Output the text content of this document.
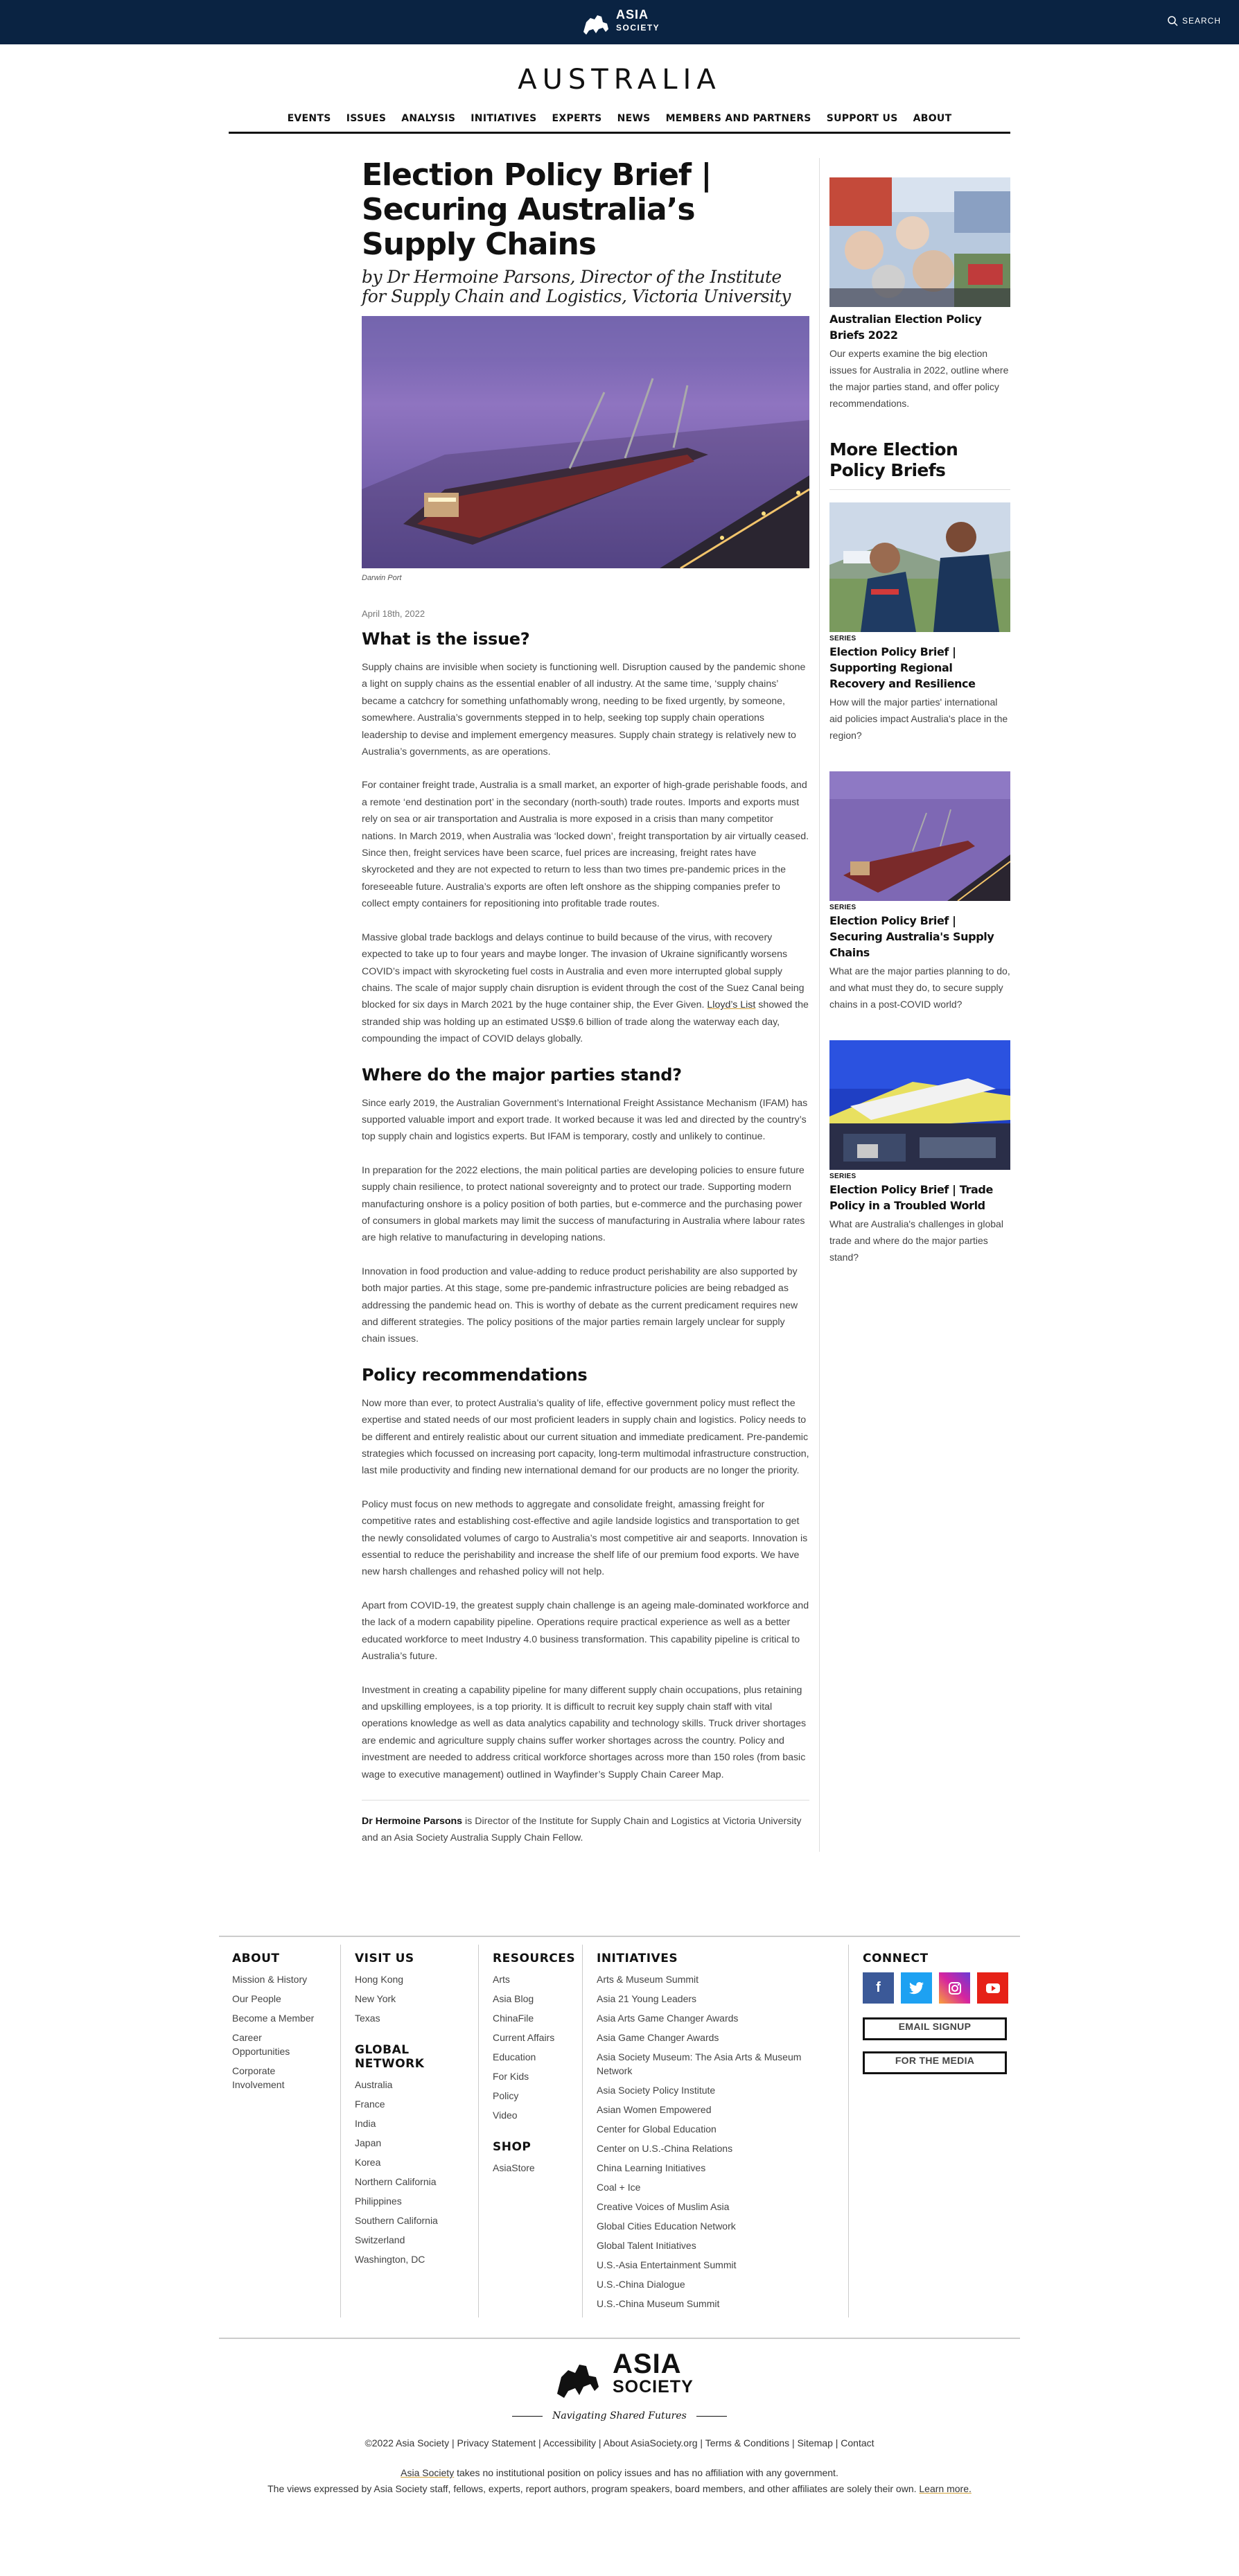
ASIA
SOCIETY
SEARCH
AUSTRALIA
EVENTS ISSUES ANALYSIS INITIATIVES EXPERTS NEWS MEMBERS AND PARTNERS SUPPORT US ABOUT
Election Policy Brief | Securing Australia’s Supply Chains
by Dr Hermoine Parsons, Director of the Institute for Supply Chain and Logistics, Victoria University
Darwin Port
April 18th, 2022
What is the issue?

Supply chains are invisible when society is functioning well. Disruption caused by the pandemic shone a light on supply chains as the essential enabler of all industry. At the same time, ‘supply chains’ became a catchcry for something unfathomably wrong, needing to be fixed urgently, by someone, somewhere. Australia’s governments stepped in to help, seeking top supply chain operations leadership to devise and implement emergency measures. Supply chain strategy is relatively new to Australia’s governments, as are operations.

For container freight trade, Australia is a small market, an exporter of high-grade perishable foods, and a remote ‘end destination port’ in the secondary (north-south) trade routes. Imports and exports must rely on sea or air transportation and Australia is more exposed in a crisis than many competitor nations. In March 2019, when Australia was ‘locked down’, freight transportation by air virtually ceased. Since then, freight services have been scarce, fuel prices are increasing, freight rates have skyrocketed and they are not expected to return to less than two times pre-pandemic prices in the foreseeable future. Australia’s exports are often left onshore as the shipping companies prefer to collect empty containers for repositioning into profitable trade routes.

Massive global trade backlogs and delays continue to build because of the virus, with recovery expected to take up to four years and maybe longer. The invasion of Ukraine significantly worsens COVID’s impact with skyrocketing fuel costs in Australia and even more interrupted global supply chains. The scale of major supply chain disruption is evident through the cost of the Suez Canal being blocked for six days in March 2021 by the huge container ship, the Ever Given. Lloyd’s List showed the stranded ship was holding up an estimated US$9.6 billion of trade along the waterway each day, compounding the impact of COVID delays globally.

Where do the major parties stand?

Since early 2019, the Australian Government’s International Freight Assistance Mechanism (IFAM) has supported valuable import and export trade. It worked because it was led and directed by the country’s top supply chain and logistics experts. But IFAM is temporary, costly and unlikely to continue.

In preparation for the 2022 elections, the main political parties are developing policies to ensure future supply chain resilience, to protect national sovereignty and to protect our trade. Supporting modern manufacturing onshore is a policy position of both parties, but e-commerce and the purchasing power of consumers in global markets may limit the success of manufacturing in Australia where labour rates are high relative to manufacturing in developing nations.

Innovation in food production and value-adding to reduce product perishability are also supported by both major parties. At this stage, some pre-pandemic infrastructure policies are being rebadged as addressing the pandemic head on. This is worthy of debate as the current predicament requires new and different strategies. The policy positions of the major parties remain largely unclear for supply chain issues.

Policy recommendations

Now more than ever, to protect Australia’s quality of life, effective government policy must reflect the expertise and stated needs of our most proficient leaders in supply chain and logistics. Policy needs to be different and entirely realistic about our current situation and immediate predicament. Pre-pandemic strategies which focussed on increasing port capacity, long-term multimodal infrastructure construction, last mile productivity and finding new international demand for our products are no longer the priority.

Policy must focus on new methods to aggregate and consolidate freight, amassing freight for competitive rates and establishing cost-effective and agile landside logistics and transportation to get the newly consolidated volumes of cargo to Australia’s most competitive air and seaports. Innovation is essential to reduce the perishability and increase the shelf life of our premium food exports. We have new harsh challenges and rehashed policy will not help.

Apart from COVID-19, the greatest supply chain challenge is an ageing male-dominated workforce and the lack of a modern capability pipeline. Operations require practical experience as well as a better educated workforce to meet Industry 4.0 business transformation. This capability pipeline is critical to Australia’s future.

Investment in creating a capability pipeline for many different supply chain occupations, plus retaining and upskilling employees, is a top priority. It is difficult to recruit key supply chain staff with vital operations knowledge as well as data analytics capability and technology skills. Truck driver shortages are endemic and agriculture supply chains suffer worker shortages across the country. Policy and investment are needed to address critical workforce shortages across more than 150 roles (from basic wage to executive management) outlined in Wayfinder’s Supply Chain Career Map.

Dr Hermoine Parsons is Director of the Institute for Supply Chain and Logistics at Victoria University and an Asia Society Australia Supply Chain Fellow.

Australian Election Policy Briefs 2022
Our experts examine the big election issues for Australia in 2022, outline where the major parties stand, and offer policy recommendations.
More Election Policy Briefs
SERIES
Election Policy Brief | Supporting Regional Recovery and Resilience
How will the major parties' international aid policies impact Australia's place in the region?
SERIES
Election Policy Brief | Securing Australia's Supply Chains
What are the major parties planning to do, and what must they do, to secure supply chains in a post-COVID world?
SERIES
Election Policy Brief | Trade Policy in a Troubled World
What are Australia's challenges in global trade and where do the major parties stand?
ABOUT
Mission & History
Our People
Become a Member
Career Opportunities
Corporate Involvement
VISIT US
Hong Kong
New York
Texas
GLOBAL NETWORK
Australia
France
India
Japan
Korea
Northern California
Philippines
Southern California
Switzerland
Washington, DC
RESOURCES
Arts
Asia Blog
ChinaFile
Current Affairs
Education
For Kids
Policy
Video
SHOP
AsiaStore
INITIATIVES
Arts & Museum Summit
Asia 21 Young Leaders
Asia Arts Game Changer Awards
Asia Game Changer Awards
Asia Society Museum: The Asia Arts & Museum Network
Asia Society Policy Institute
Asian Women Empowered
Center for Global Education
Center on U.S.-China Relations
China Learning Initiatives
Coal + Ice
Creative Voices of Muslim Asia
Global Cities Education Network
Global Talent Initiatives
U.S.-Asia Entertainment Summit
U.S.-China Dialogue
U.S.-China Museum Summit
CONNECT
f
EMAIL SIGNUP
FOR THE MEDIA
ASIA
SOCIETY
Navigating Shared Futures
©2022 Asia Society | Privacy Statement | Accessibility | About AsiaSociety.org | Terms & Conditions | Sitemap | Contact
Asia Society takes no institutional position on policy issues and has no affiliation with any government.
The views expressed by Asia Society staff, fellows, experts, report authors, program speakers, board members, and other affiliates are solely their own. Learn more.
